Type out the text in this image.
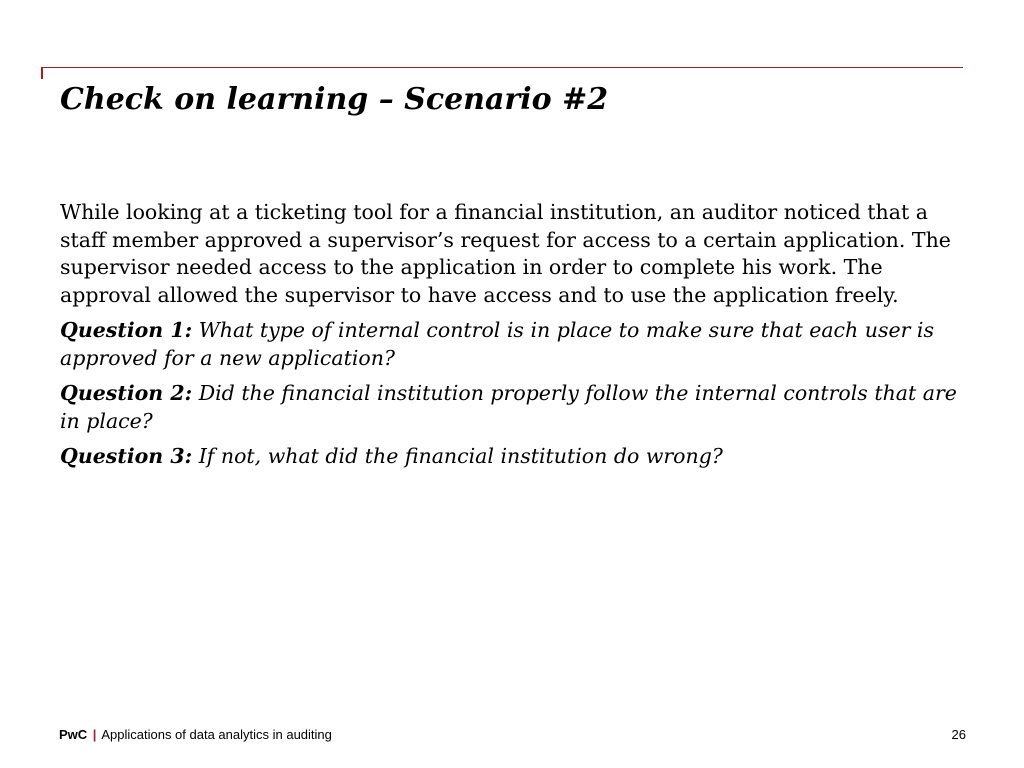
Check on learning – Scenario #2

While looking at a ticketing tool for a financial institution, an auditor noticed that a staff member approved a supervisor’s request for access to a certain application. The supervisor needed access to the application in order to complete his work. The approval allowed the supervisor to have access and to use the application freely.

Question 1: What type of internal control is in place to make sure that each user is approved for a new application?

Question 2: Did the financial institution properly follow the internal controls that are in place?

Question 3: If not, what did the financial institution do wrong?

PwC | Applications of data analytics in auditing	26
